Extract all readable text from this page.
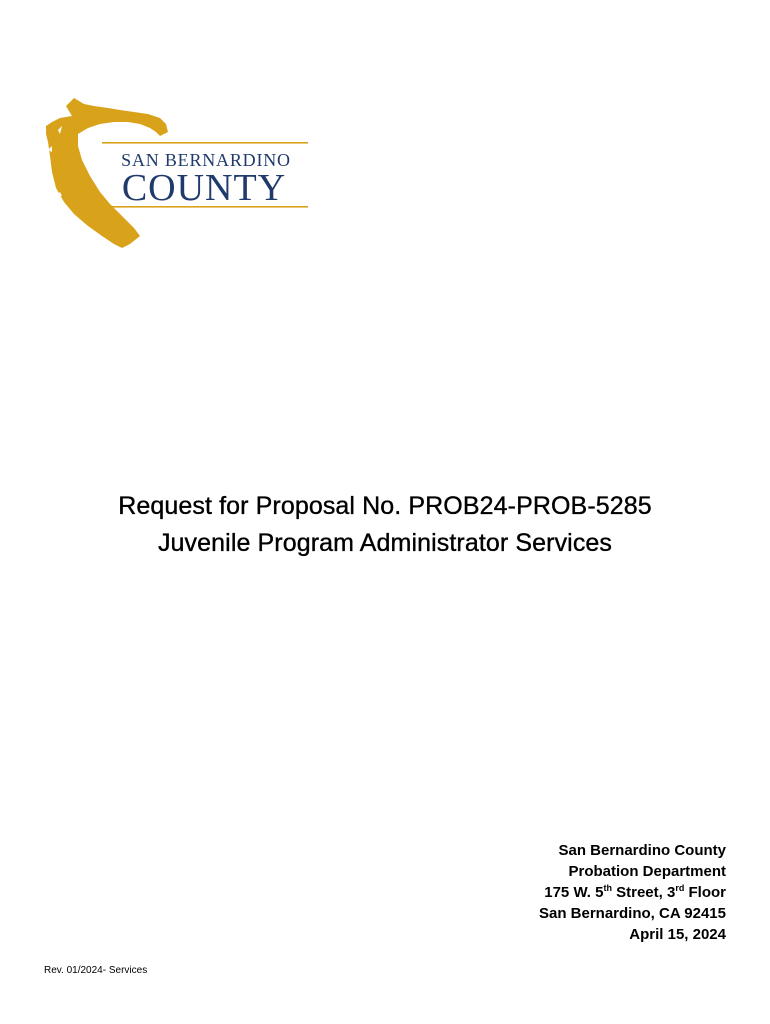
SAN BERNARDINO
COUNTY
Request for Proposal No. PROB24-PROB-5285
Juvenile Program Administrator Services
San Bernardino County
Probation Department
175 W. 5th Street, 3rd Floor
San Bernardino, CA 92415
April 15, 2024
Rev. 01/2024- Services
